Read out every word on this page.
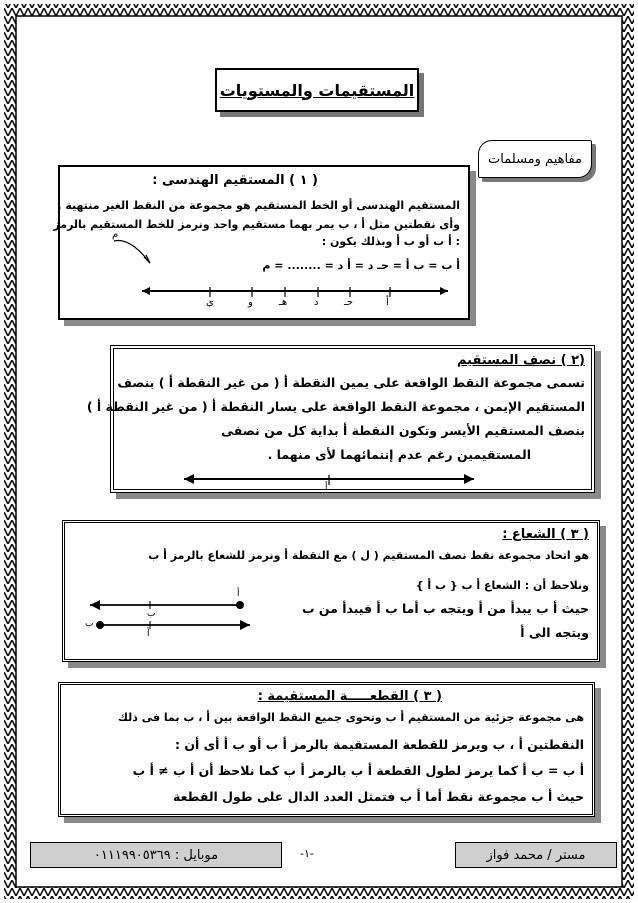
المستقيمات والمستويات
مفاهيم ومسلمات

( ١ ) المستقيم الهندسى :

المستقيم الهندسى أو الخط المستقيم هو مجموعة من النقط الغير منتهية .

وأى نقطتين مثل أ ، ب يمر بهما مستقيم واحد ونرمز للخط المستقيم بالرمز

: أ ب أو ب أ وبذلك يكون :

أ ب = ب أ = حـ د = أ د = ........ = م

م
أ
حـ
د
هـ
و
ى

(٢ ) نصف المستقيم

تسمى مجموعة النقط الواقعة على يمين النقطة أ ( من غير النقطة أ ) بنصف

المستقيم الإيمن ، مجموعة النقط الواقعة على يسار النقطة أ ( من غير النقطة أ )

بنصف المستقيم الأيسر وتكون النقطة أ بداية كل من نصفى

المستقيمين رغم عدم إنتمائهما لأى منهما .

أ

( ٣ ) الشعاع :

هو اتحاد مجموعة نقط نصف المستقيم ( ل ) مع النقطة أ ونرمز للشعاع بالرمز أ ب

ونلاحظ أن : الشعاع أ ب { ب أ }

حيث أ ب يبدأ من أ ويتجه ب أما ب أ فيبدأ من ب

ويتجه الى أ

أ
ب
ب
أ

( ٣ ) القطعـــــة المستقيمة :

هى مجموعة جزئية من المستقيم أ ب وتحوى جميع النقط الواقعة بين أ ، ب بما فى ذلك

النقطتين أ ، ب ويرمز للقطعة المستقيمة بالرمز أ ب أو ب أ أى أن :

أ ب = ب أ كما يرمز لطول القطعة أ ب بالرمز أ ب كما نلاحظ أن أ ب ≠ أ ب

حيث أ ب مجموعة نقط أما أ ب فتمثل العدد الدال على طول القطعة

مستر / محمد فواز
موبايل : ٠١١١٩٩٠٥٣٦٩	-١-
